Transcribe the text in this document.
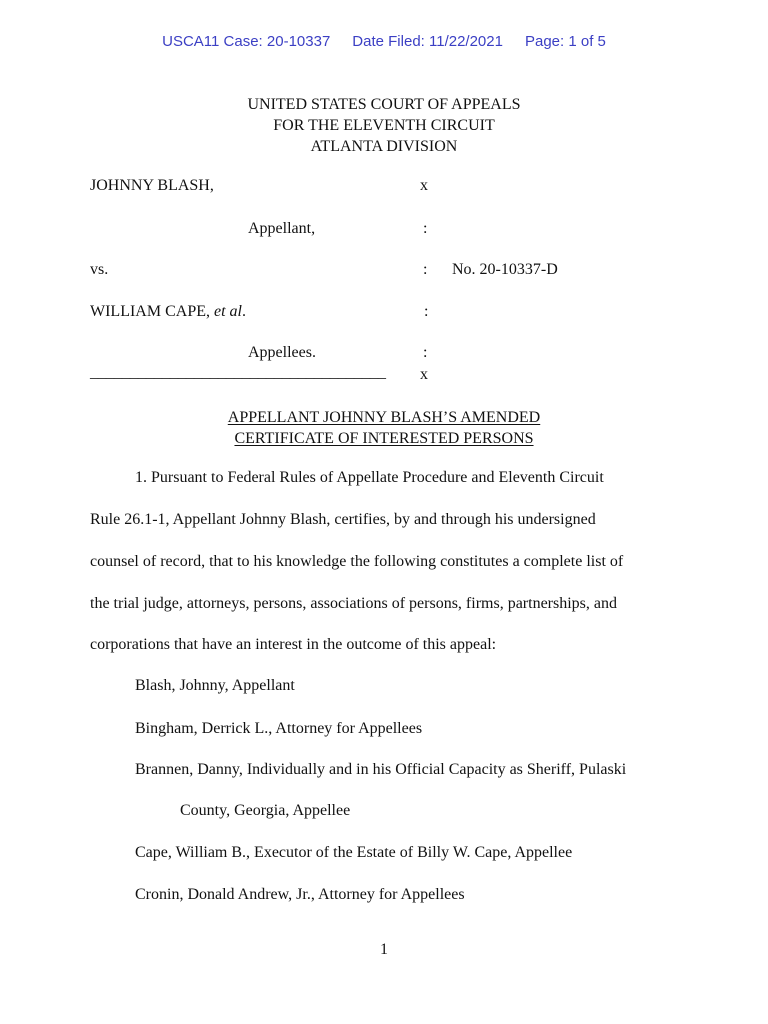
USCA11 Case: 20-10337 Date Filed: 11/22/2021 Page: 1 of 5
UNITED STATES COURT OF APPEALS
FOR THE ELEVENTH CIRCUIT
ATLANTA DIVISION
JOHNNY BLASH,	x
Appellant,	:
vs.	: No. 20-10337-D
WILLIAM CAPE, et al.	:
Appellees.	:
_____________________________________ x
APPELLANT JOHNNY BLASH’S AMENDED
CERTIFICATE OF INTERESTED PERSONS
1. Pursuant to Federal Rules of Appellate Procedure and Eleventh Circuit
Rule 26.1-1, Appellant Johnny Blash, certifies, by and through his undersigned
counsel of record, that to his knowledge the following constitutes a complete list of
the trial judge, attorneys, persons, associations of persons, firms, partnerships, and
corporations that have an interest in the outcome of this appeal:
Blash, Johnny, Appellant
Bingham, Derrick L., Attorney for Appellees
Brannen, Danny, Individually and in his Official Capacity as Sheriff, Pulaski
County, Georgia, Appellee
Cape, William B., Executor of the Estate of Billy W. Cape, Appellee
Cronin, Donald Andrew, Jr., Attorney for Appellees
1
